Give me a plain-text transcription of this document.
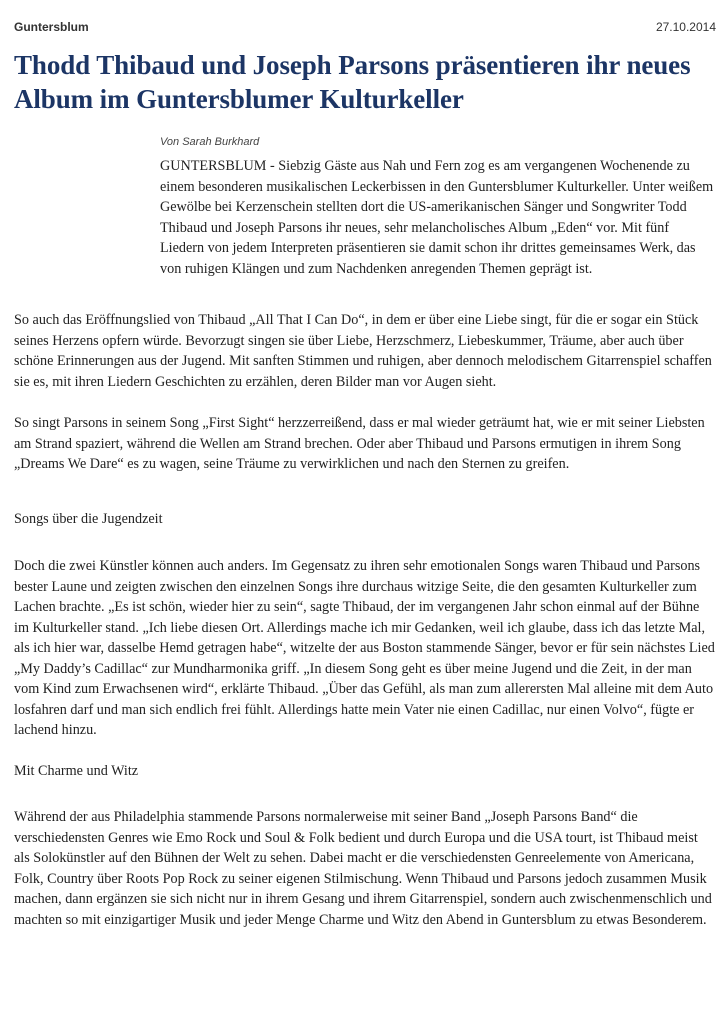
Guntersblum	27.10.2014
Thodd Thibaud und Joseph Parsons präsentieren ihr neues Album im Guntersblumer Kulturkeller
Von Sarah Burkhard

GUNTERSBLUM - Siebzig Gäste aus Nah und Fern zog es am vergangenen Wochenende zu einem besonderen musikalischen Leckerbissen in den Guntersblumer Kulturkeller. Unter weißem Gewölbe bei Kerzenschein stellten dort die US-amerikanischen Sänger und Songwriter Todd Thibaud und Joseph Parsons ihr neues, sehr melancholisches Album „Eden“ vor. Mit fünf Liedern von jedem Interpreten präsentieren sie damit schon ihr drittes gemeinsames Werk, das von ruhigen Klängen und zum Nachdenken anregenden Themen geprägt ist.

So auch das Eröffnungslied von Thibaud „All That I Can Do“, in dem er über eine Liebe singt, für die er sogar ein Stück seines Herzens opfern würde. Bevorzugt singen sie über Liebe, Herzschmerz, Liebeskummer, Träume, aber auch über schöne Erinnerungen aus der Jugend. Mit sanften Stimmen und ruhigen, aber dennoch melodischem Gitarrenspiel schaffen sie es, mit ihren Liedern Geschichten zu erzählen, deren Bilder man vor Augen sieht.

So singt Parsons in seinem Song „First Sight“ herzzerreißend, dass er mal wieder geträumt hat, wie er mit seiner Liebsten am Strand spaziert, während die Wellen am Strand brechen. Oder aber Thibaud und Parsons ermutigen in ihrem Song „Dreams We Dare“ es zu wagen, seine Träume zu verwirklichen und nach den Sternen zu greifen.

Songs über die Jugendzeit

Doch die zwei Künstler können auch anders. Im Gegensatz zu ihren sehr emotionalen Songs waren Thibaud und Parsons bester Laune und zeigten zwischen den einzelnen Songs ihre durchaus witzige Seite, die den gesamten Kulturkeller zum Lachen brachte. „Es ist schön, wieder hier zu sein“, sagte Thibaud, der im vergangenen Jahr schon einmal auf der Bühne im Kulturkeller stand. „Ich liebe diesen Ort. Allerdings mache ich mir Gedanken, weil ich glaube, dass ich das letzte Mal, als ich hier war, dasselbe Hemd getragen habe“, witzelte der aus Boston stammende Sänger, bevor er für sein nächstes Lied „My Daddy’s Cadillac“ zur Mundharmonika griff. „In diesem Song geht es über meine Jugend und die Zeit, in der man vom Kind zum Erwachsenen wird“, erklärte Thibaud. „Über das Gefühl, als man zum allerersten Mal alleine mit dem Auto losfahren darf und man sich endlich frei fühlt. Allerdings hatte mein Vater nie einen Cadillac, nur einen Volvo“, fügte er lachend hinzu.

Mit Charme und Witz

Während der aus Philadelphia stammende Parsons normalerweise mit seiner Band „Joseph Parsons Band“ die verschiedensten Genres wie Emo Rock und Soul & Folk bedient und durch Europa und die USA tourt, ist Thibaud meist als Solokünstler auf den Bühnen der Welt zu sehen. Dabei macht er die verschiedensten Genreelemente von Americana, Folk, Country über Roots Pop Rock zu seiner eigenen Stilmischung. Wenn Thibaud und Parsons jedoch zusammen Musik machen, dann ergänzen sie sich nicht nur in ihrem Gesang und ihrem Gitarrenspiel, sondern auch zwischenmenschlich und machten so mit einzigartiger Musik und jeder Menge Charme und Witz den Abend in Guntersblum zu etwas Besonderem.
